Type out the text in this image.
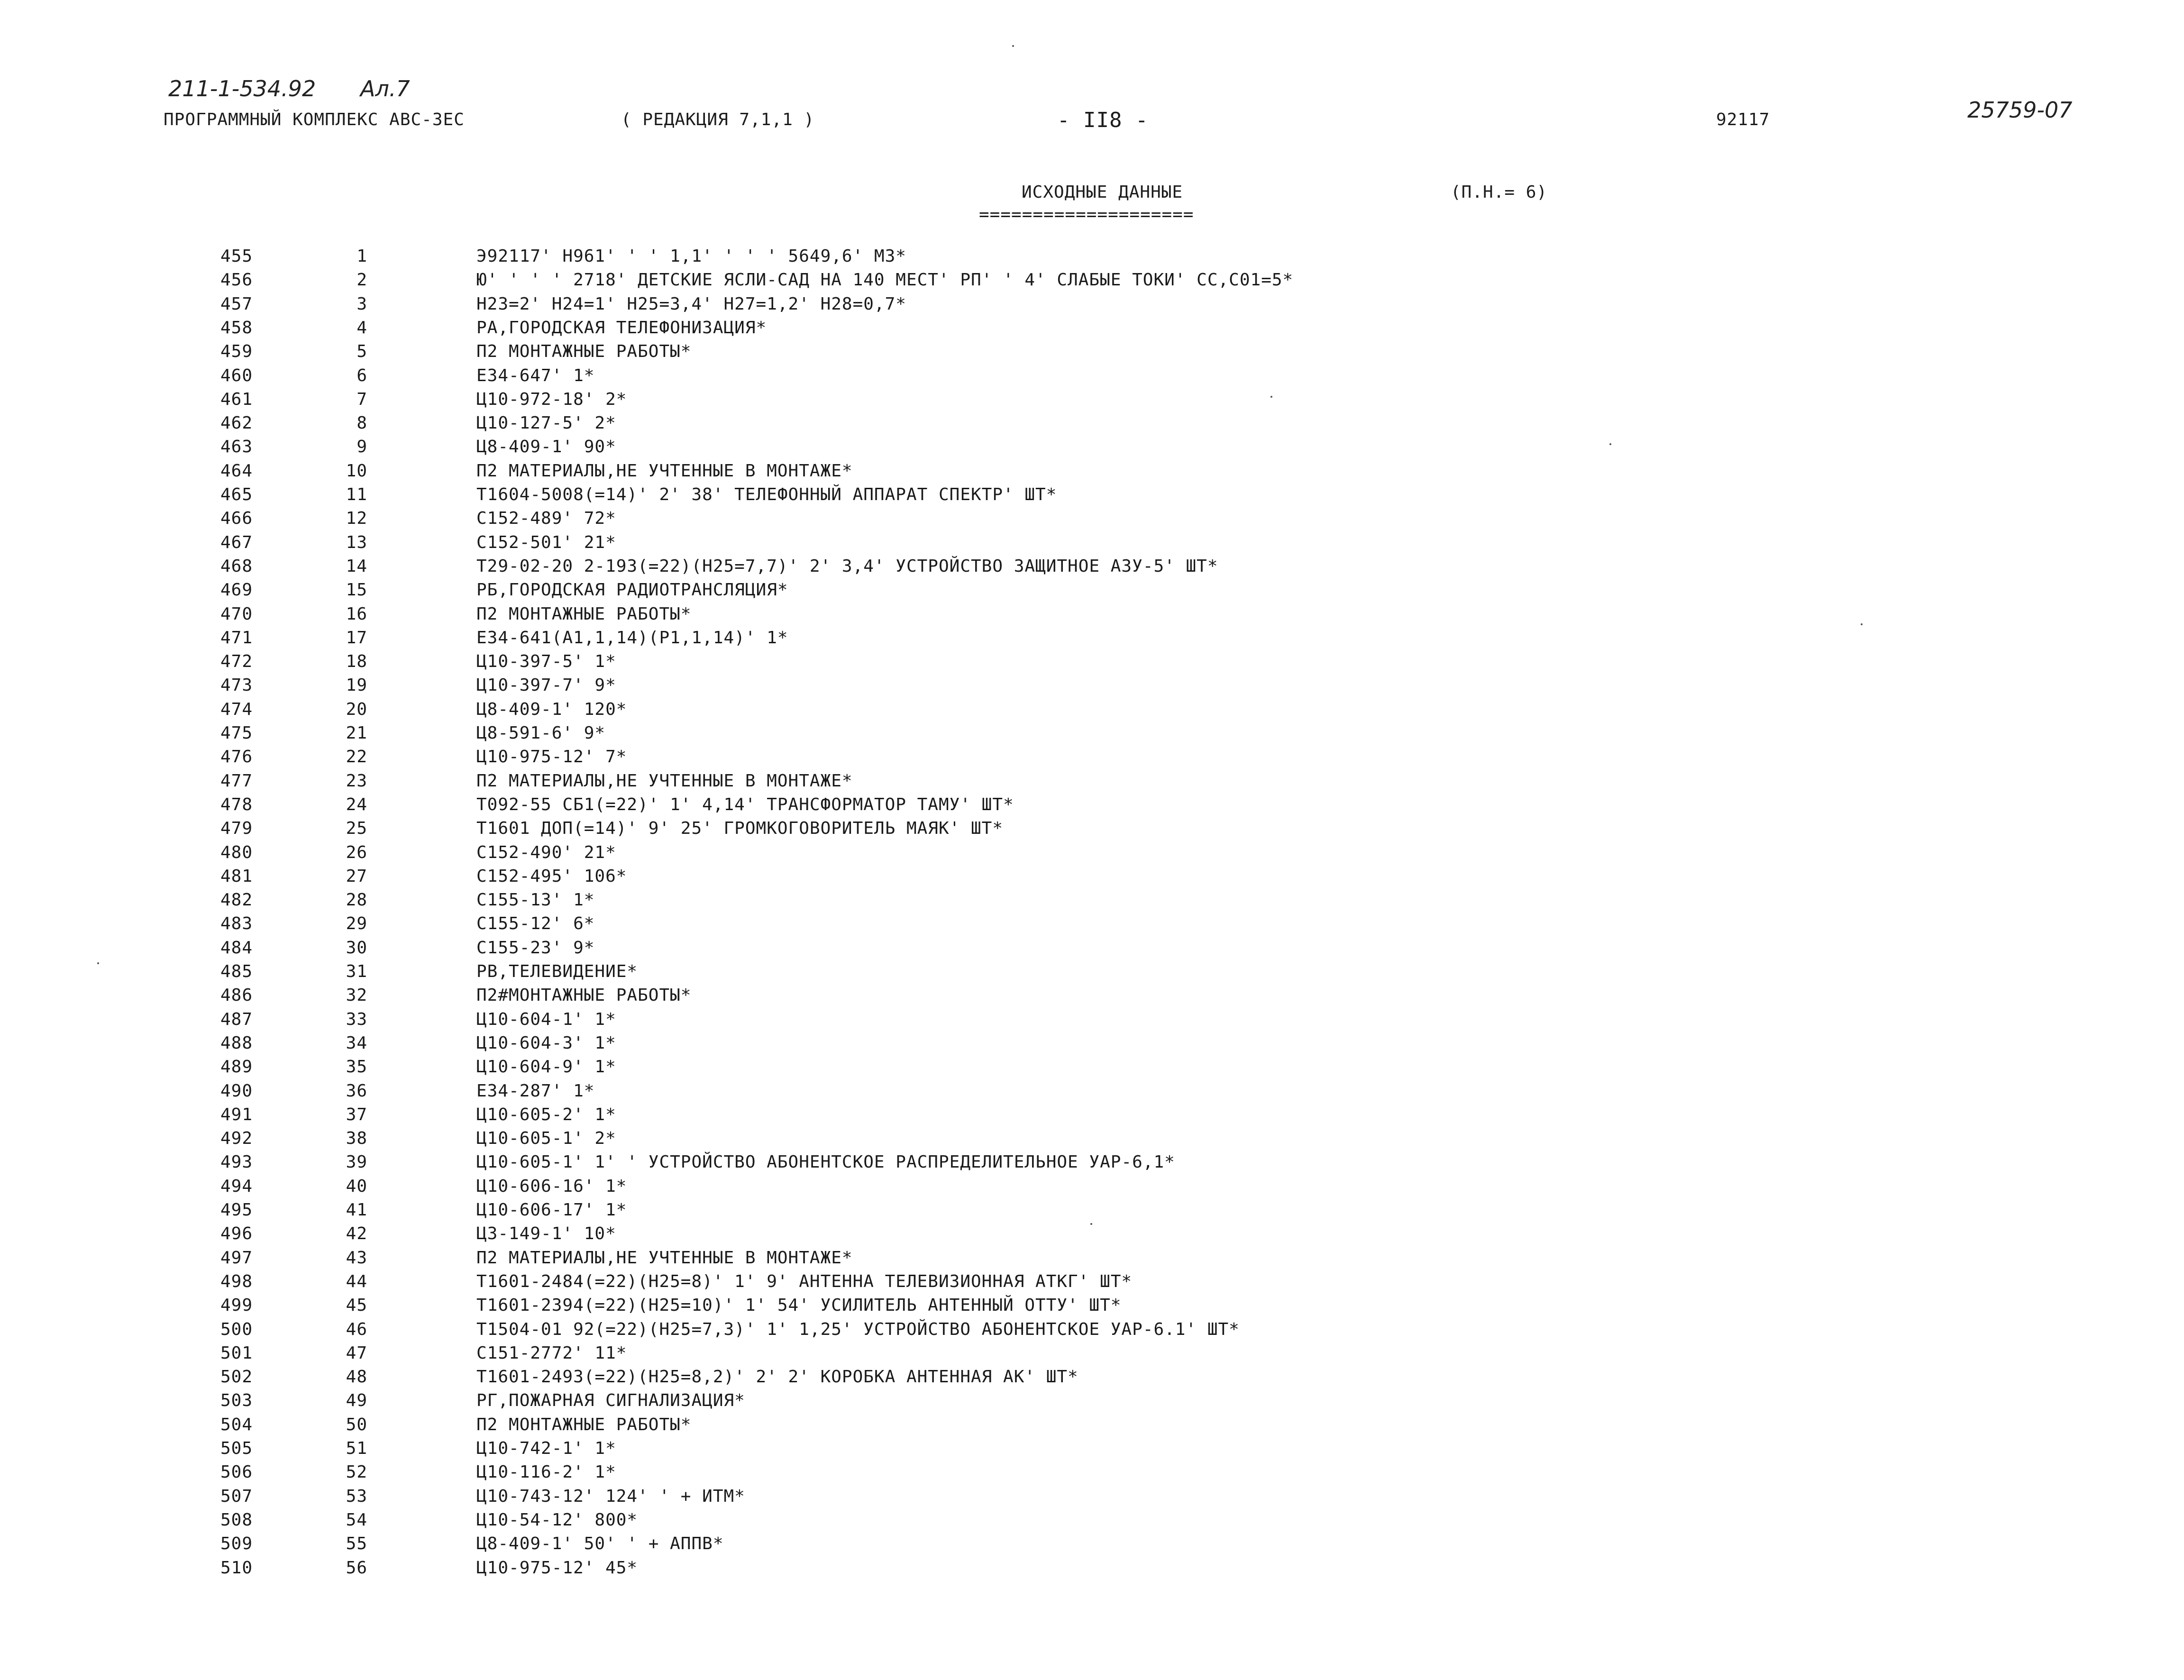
211-1-534.92 Ал.7
25759-07
ПРОГРАММНЫЙ КОМПЛЕКС АВС-3ЕС	( РЕДАКЦИЯ 7,1,1 )	- II8 -	92117
ИСХОДНЫЕ ДАННЫЕ	(П.Н.= 6)
====================
455	1	Э92117' Н961' ' ' 1,1' ' ' ' 5649,6' М3*
456	2	Ю' ' ' ' 2718' ДЕТСКИЕ ЯСЛИ-САД НА 140 МЕСТ' РП' ' 4' СЛАБЫЕ ТОКИ' СС,С01=5*
457	3	Н23=2' Н24=1' Н25=3,4' Н27=1,2' Н28=0,7*
458	4	РА,ГОРОДСКАЯ ТЕЛЕФОНИЗАЦИЯ*
459	5	П2 МОНТАЖНЫЕ РАБОТЫ*
460	6	Е34-647' 1*
461	7	Ц10-972-18' 2*
462	8	Ц10-127-5' 2*
463	9	Ц8-409-1' 90*
464	10	П2 МАТЕРИАЛЫ,НЕ УЧТЕННЫЕ В МОНТАЖЕ*
465	11	Т1604-5008(=14)' 2' 38' ТЕЛЕФОННЫЙ АППАРАТ СПЕКТР' ШТ*
466	12	С152-489' 72*
467	13	С152-501' 21*
468	14	Т29-02-20 2-193(=22)(Н25=7,7)' 2' 3,4' УСТРОЙСТВО ЗАЩИТНОЕ АЗУ-5' ШТ*
469	15	РБ,ГОРОДСКАЯ РАДИОТРАНСЛЯЦИЯ*
470	16	П2 МОНТАЖНЫЕ РАБОТЫ*
471	17	Е34-641(А1,1,14)(Р1,1,14)' 1*
472	18	Ц10-397-5' 1*
473	19	Ц10-397-7' 9*
474	20	Ц8-409-1' 120*
475	21	Ц8-591-6' 9*
476	22	Ц10-975-12' 7*
477	23	П2 МАТЕРИАЛЫ,НЕ УЧТЕННЫЕ В МОНТАЖЕ*
478	24	Т092-55 СБ1(=22)' 1' 4,14' ТРАНСФОРМАТОР ТАМУ' ШТ*
479	25	Т1601 ДОП(=14)' 9' 25' ГРОМКОГОВОРИТЕЛЬ МАЯК' ШТ*
480	26	С152-490' 21*
481	27	С152-495' 106*
482	28	С155-13' 1*
483	29	С155-12' 6*
484	30	С155-23' 9*
485	31	РВ,ТЕЛЕВИДЕНИЕ*
486	32	П2#МОНТАЖНЫЕ РАБОТЫ*
487	33	Ц10-604-1' 1*
488	34	Ц10-604-3' 1*
489	35	Ц10-604-9' 1*
490	36	Е34-287' 1*
491	37	Ц10-605-2' 1*
492	38	Ц10-605-1' 2*
493	39	Ц10-605-1' 1' ' УСТРОЙСТВО АБОНЕНТСКОЕ РАСПРЕДЕЛИТЕЛЬНОЕ УАР-6,1*
494	40	Ц10-606-16' 1*
495	41	Ц10-606-17' 1*
496	42	Ц3-149-1' 10*
497	43	П2 МАТЕРИАЛЫ,НЕ УЧТЕННЫЕ В МОНТАЖЕ*
498	44	Т1601-2484(=22)(Н25=8)' 1' 9' АНТЕННА ТЕЛЕВИЗИОННАЯ АТКГ' ШТ*
499	45	Т1601-2394(=22)(Н25=10)' 1' 54' УСИЛИТЕЛЬ АНТЕННЫЙ ОТТУ' ШТ*
500	46	Т1504-01 92(=22)(Н25=7,3)' 1' 1,25' УСТРОЙСТВО АБОНЕНТСКОЕ УАР-6.1' ШТ*
501	47	С151-2772' 11*
502	48	Т1601-2493(=22)(Н25=8,2)' 2' 2' КОРОБКА АНТЕННАЯ АК' ШТ*
503	49	РГ,ПОЖАРНАЯ СИГНАЛИЗАЦИЯ*
504	50	П2 МОНТАЖНЫЕ РАБОТЫ*
505	51	Ц10-742-1' 1*
506	52	Ц10-116-2' 1*
507	53	Ц10-743-12' 124' ' + ИТМ*
508	54	Ц10-54-12' 800*
509	55	Ц8-409-1' 50' ' + АППВ*
510	56	Ц10-975-12' 45*
